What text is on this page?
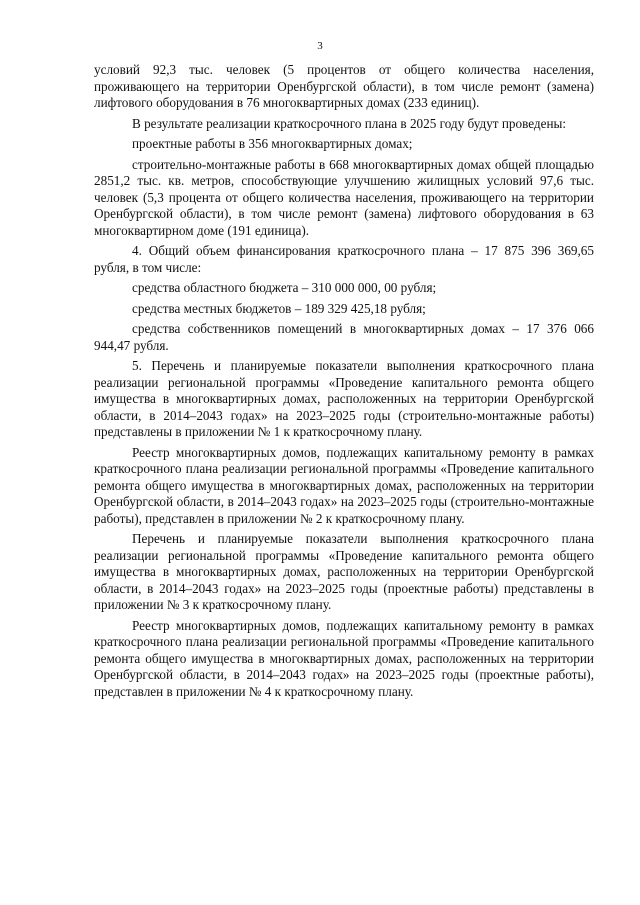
3

условий 92,3 тыс. человек (5 процентов от общего количества населения, проживающего на территории Оренбургской области), в том числе ремонт (замена) лифтового оборудования в 76 многоквартирных домах (233 единиц).

В результате реализации краткосрочного плана в 2025 году будут проведены:

проектные работы в 356 многоквартирных домах;

строительно-монтажные работы в 668 многоквартирных домах общей площадью 2851,2 тыс. кв. метров, способствующие улучшению жилищных условий 97,6 тыс. человек (5,3 процента от общего количества населения, проживающего на территории Оренбургской области), в том числе ремонт (замена) лифтового оборудования в 63 многоквартирном доме (191 единица).

4. Общий объем финансирования краткосрочного плана – 17 875 396 369,65 рубля, в том числе:

средства областного бюджета – 310 000 000, 00 рубля;

средства местных бюджетов – 189 329 425,18 рубля;

средства собственников помещений в многоквартирных домах – 17 376 066 944,47 рубля.

5. Перечень и планируемые показатели выполнения краткосрочного плана реализации региональной программы «Проведение капитального ремонта общего имущества в многоквартирных домах, расположенных на территории Оренбургской области, в 2014–2043 годах» на 2023–2025 годы (строительно-монтажные работы) представлены в приложении № 1 к краткосрочному плану.

Реестр многоквартирных домов, подлежащих капитальному ремонту в рамках краткосрочного плана реализации региональной программы «Проведение капитального ремонта общего имущества в многоквартирных домах, расположенных на территории Оренбургской области, в 2014–2043 годах» на 2023–2025 годы (строительно-монтажные работы), представлен в приложении № 2 к краткосрочному плану.

Перечень и планируемые показатели выполнения краткосрочного плана реализации региональной программы «Проведение капитального ремонта общего имущества в многоквартирных домах, расположенных на территории Оренбургской области, в 2014–2043 годах» на 2023–2025 годы (проектные работы) представлены в приложении № 3 к краткосрочному плану.

Реестр многоквартирных домов, подлежащих капитальному ремонту в рамках краткосрочного плана реализации региональной программы «Проведение капитального ремонта общего имущества в многоквартирных домах, расположенных на территории Оренбургской области, в 2014–2043 годах» на 2023–2025 годы (проектные работы), представлен в приложении № 4 к краткосрочному плану.
